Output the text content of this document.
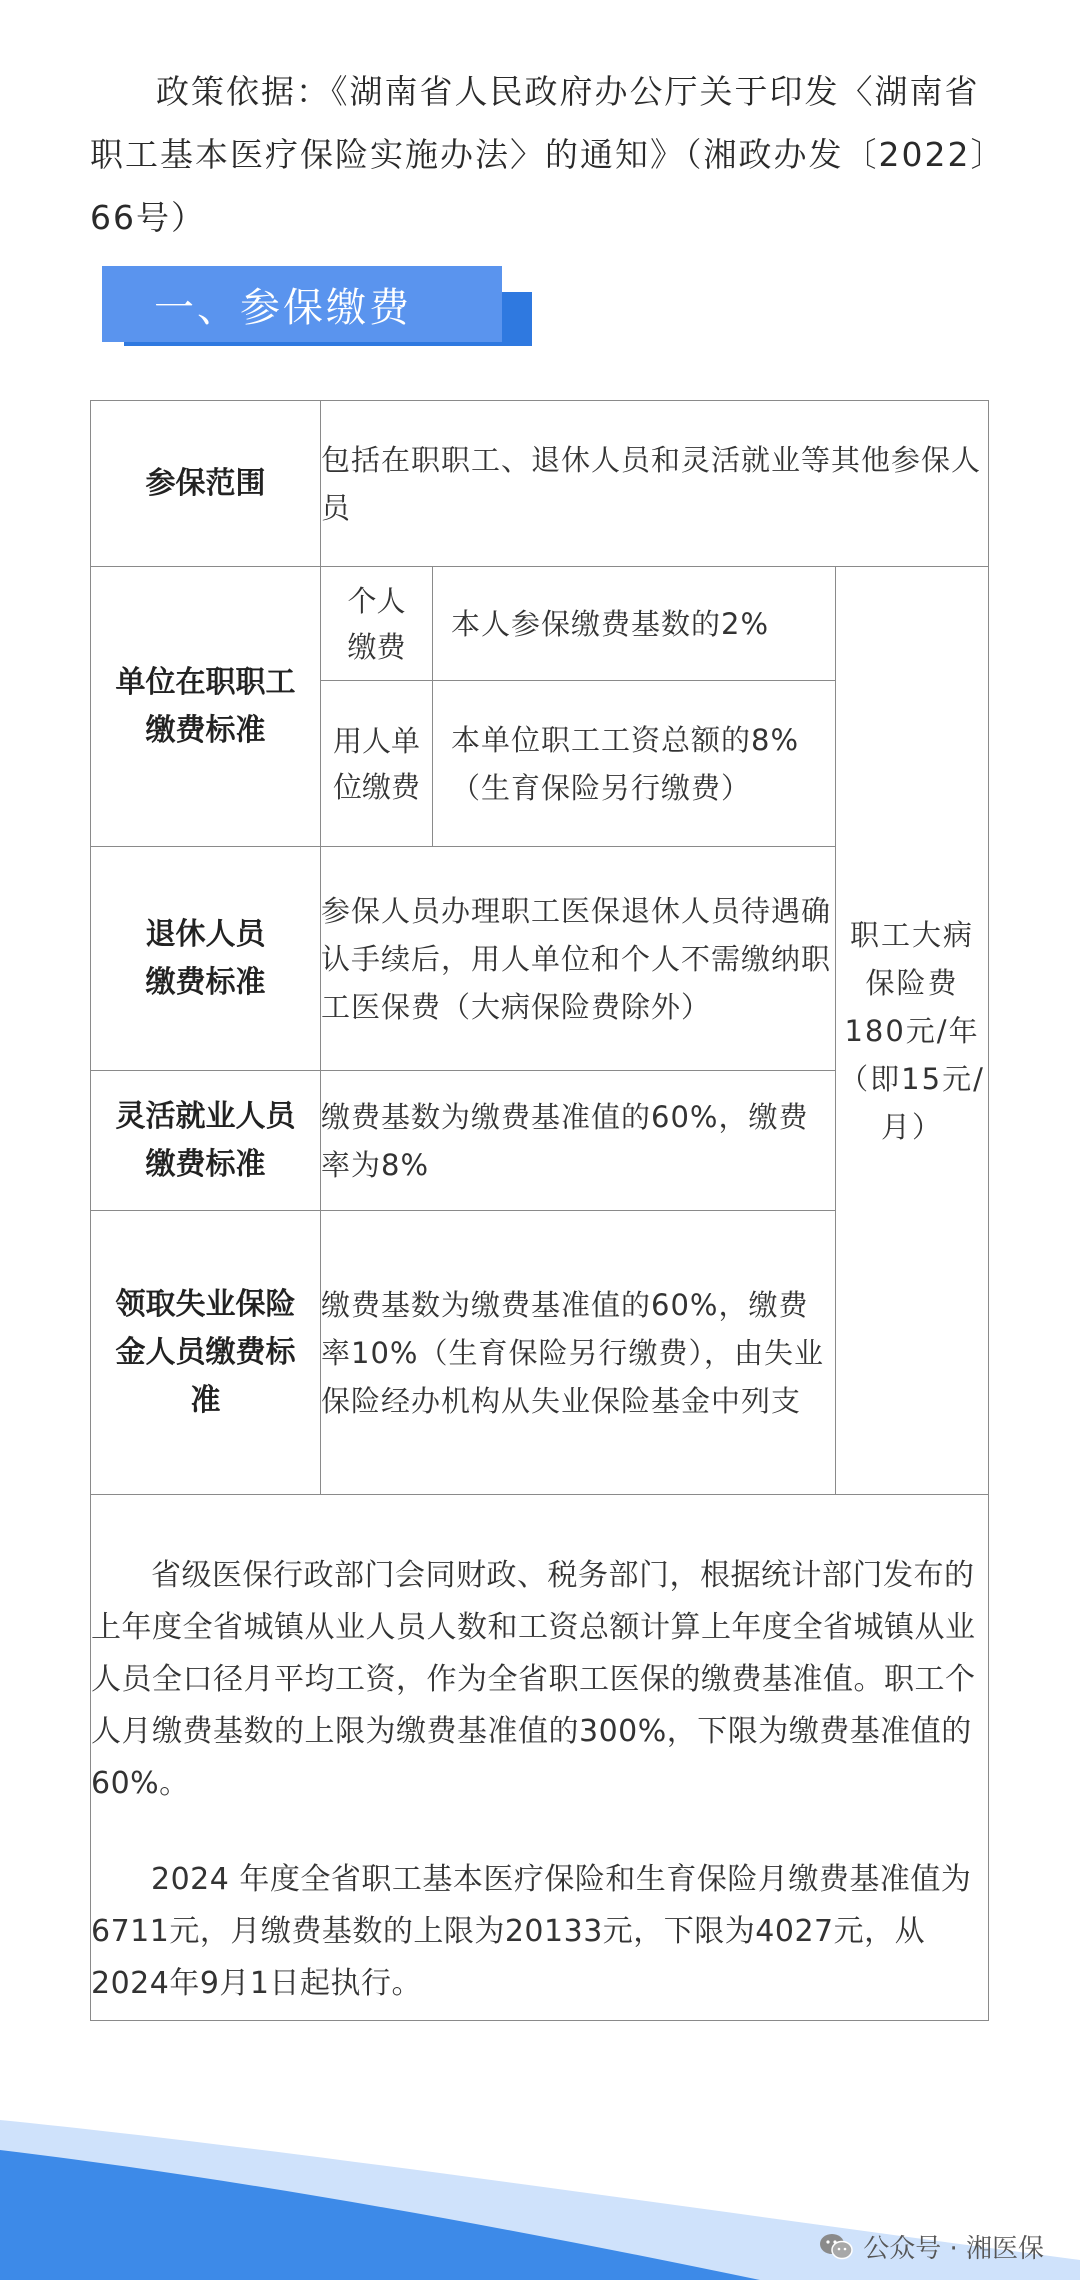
政策依据：《湖南省人民政府办公厅关于印发〈湖南省职工基本医疗保险实施办法〉的通知》（湘政办发〔2022〕66号）

一、参保缴费
参保范围	包括在职职工、退休人员和灵活就业等其他参保人员		
单位在职职工缴费标准	个人缴费	本人参保缴费基数的2%	职工大病保险费180元/年（即15元/月）
	用人单位缴费	本单位职工工资总额的8%（生育保险另行缴费）	
退休人员缴费标准	参保人员办理职工医保退休人员待遇确认手续后，用人单位和个人不需缴纳职工医保费（大病保险费除外）		
灵活就业人员缴费标准	缴费基数为缴费基准值的60%，缴费率为8%		
领取失业保险金人员缴费标准	缴费基数为缴费基准值的60%，缴费率10%（生育保险另行缴费），由失业保险经办机构从失业保险基金中列支		

省级医保行政部门会同财政、税务部门，根据统计部门发布的上年度全省城镇从业人员人数和工资总额计算上年度全省城镇从业人员全口径月平均工资，作为全省职工医保的缴费基准值。职工个人月缴费基数的上限为缴费基准值的300%，下限为缴费基准值的60%。

2024 年度全省职工基本医疗保险和生育保险月缴费基准值为6711元，月缴费基数的上限为20133元，下限为4027元，从2024年9月1日起执行。			

公众号 · 湘医保
